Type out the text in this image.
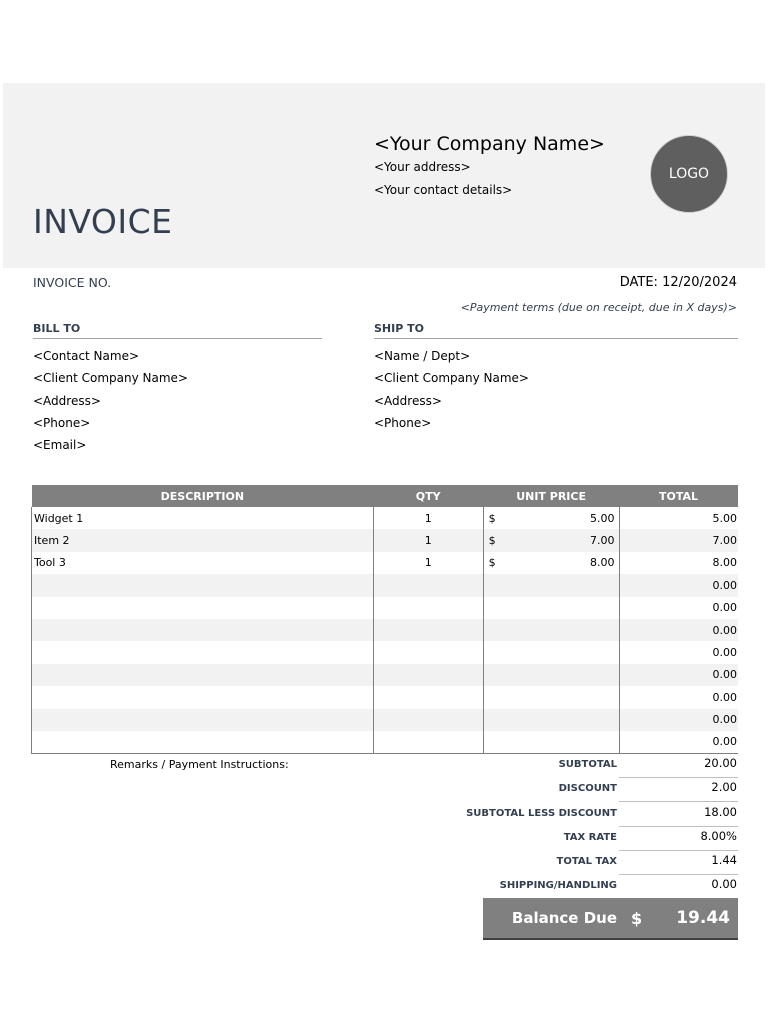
INVOICE
<Your Company Name>
<Your address>
<Your contact details>
LOGO
INVOICE NO.	DATE: 12/20/2024
<Payment terms (due on receipt, due in X days)>
BILL TO
<Contact Name>
<Client Company Name>
<Address>
<Phone>
<Email>
SHIP TO
<Name / Dept>
<Client Company Name>
<Address>
<Phone>
DESCRIPTION	QTY	UNIT PRICE	TOTAL
Widget 1	1	$ 5.00	5.00
Item 2	1	$ 7.00	7.00
Tool 3	1	$ 8.00	8.00
			0.00
			0.00
			0.00
			0.00
			0.00
			0.00
			0.00
			0.00
Remarks / Payment Instructions:	SUBTOTAL	20.00
DISCOUNT	2.00
SUBTOTAL LESS DISCOUNT	18.00
TAX RATE	8.00%
TOTAL TAX	1.44
SHIPPING/HANDLING	0.00
Balance Due $ 19.44
